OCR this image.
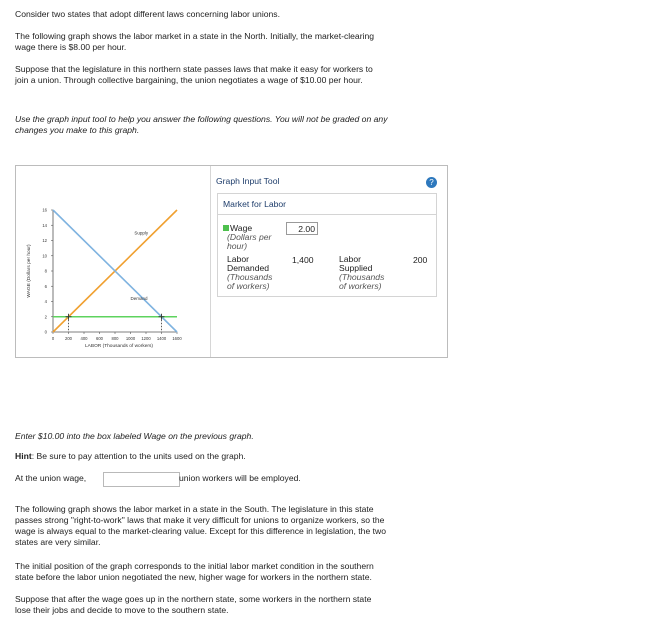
Consider two states that adopt different laws concerning labor unions.

The following graph shows the labor market in a state in the North. Initially, the market-clearing
wage there is $8.00 per hour.

Suppose that the legislature in this northern state passes laws that make it easy for workers to
join a union. Through collective bargaining, the union negotiates a wage of $10.00 per hour.

Use the graph input tool to help you answer the following questions. You will not be graded on any
changes you make to this graph.

16
14
12
10
8
6
4
2
0
0	200 400 600 800 1000 1200 1400 1600
LABOR (Thousands of workers)
WAGE (Dollars per hour)
Supply
Demand
Graph Input Tool	?
Market for Labor
Wage
(Dollars per
hour)
2.00
Labor
Demanded
(Thousands
of workers)
1,400	Labor
Supplied
(Thousands
of workers)
200

Enter $10.00 into the box labeled Wage on the previous graph.

Hint: Be sure to pay attention to the units used on the graph.

At the union wage,	union workers will be employed.

The following graph shows the labor market in a state in the South. The legislature in this state
passes strong "right-to-work" laws that make it very difficult for unions to organize workers, so the
wage is always equal to the market-clearing value. Except for this difference in legislation, the two
states are very similar.

The initial position of the graph corresponds to the initial labor market condition in the southern
state before the labor union negotiated the new, higher wage for workers in the northern state.

Suppose that after the wage goes up in the northern state, some workers in the northern state
lose their jobs and decide to move to the southern state.
